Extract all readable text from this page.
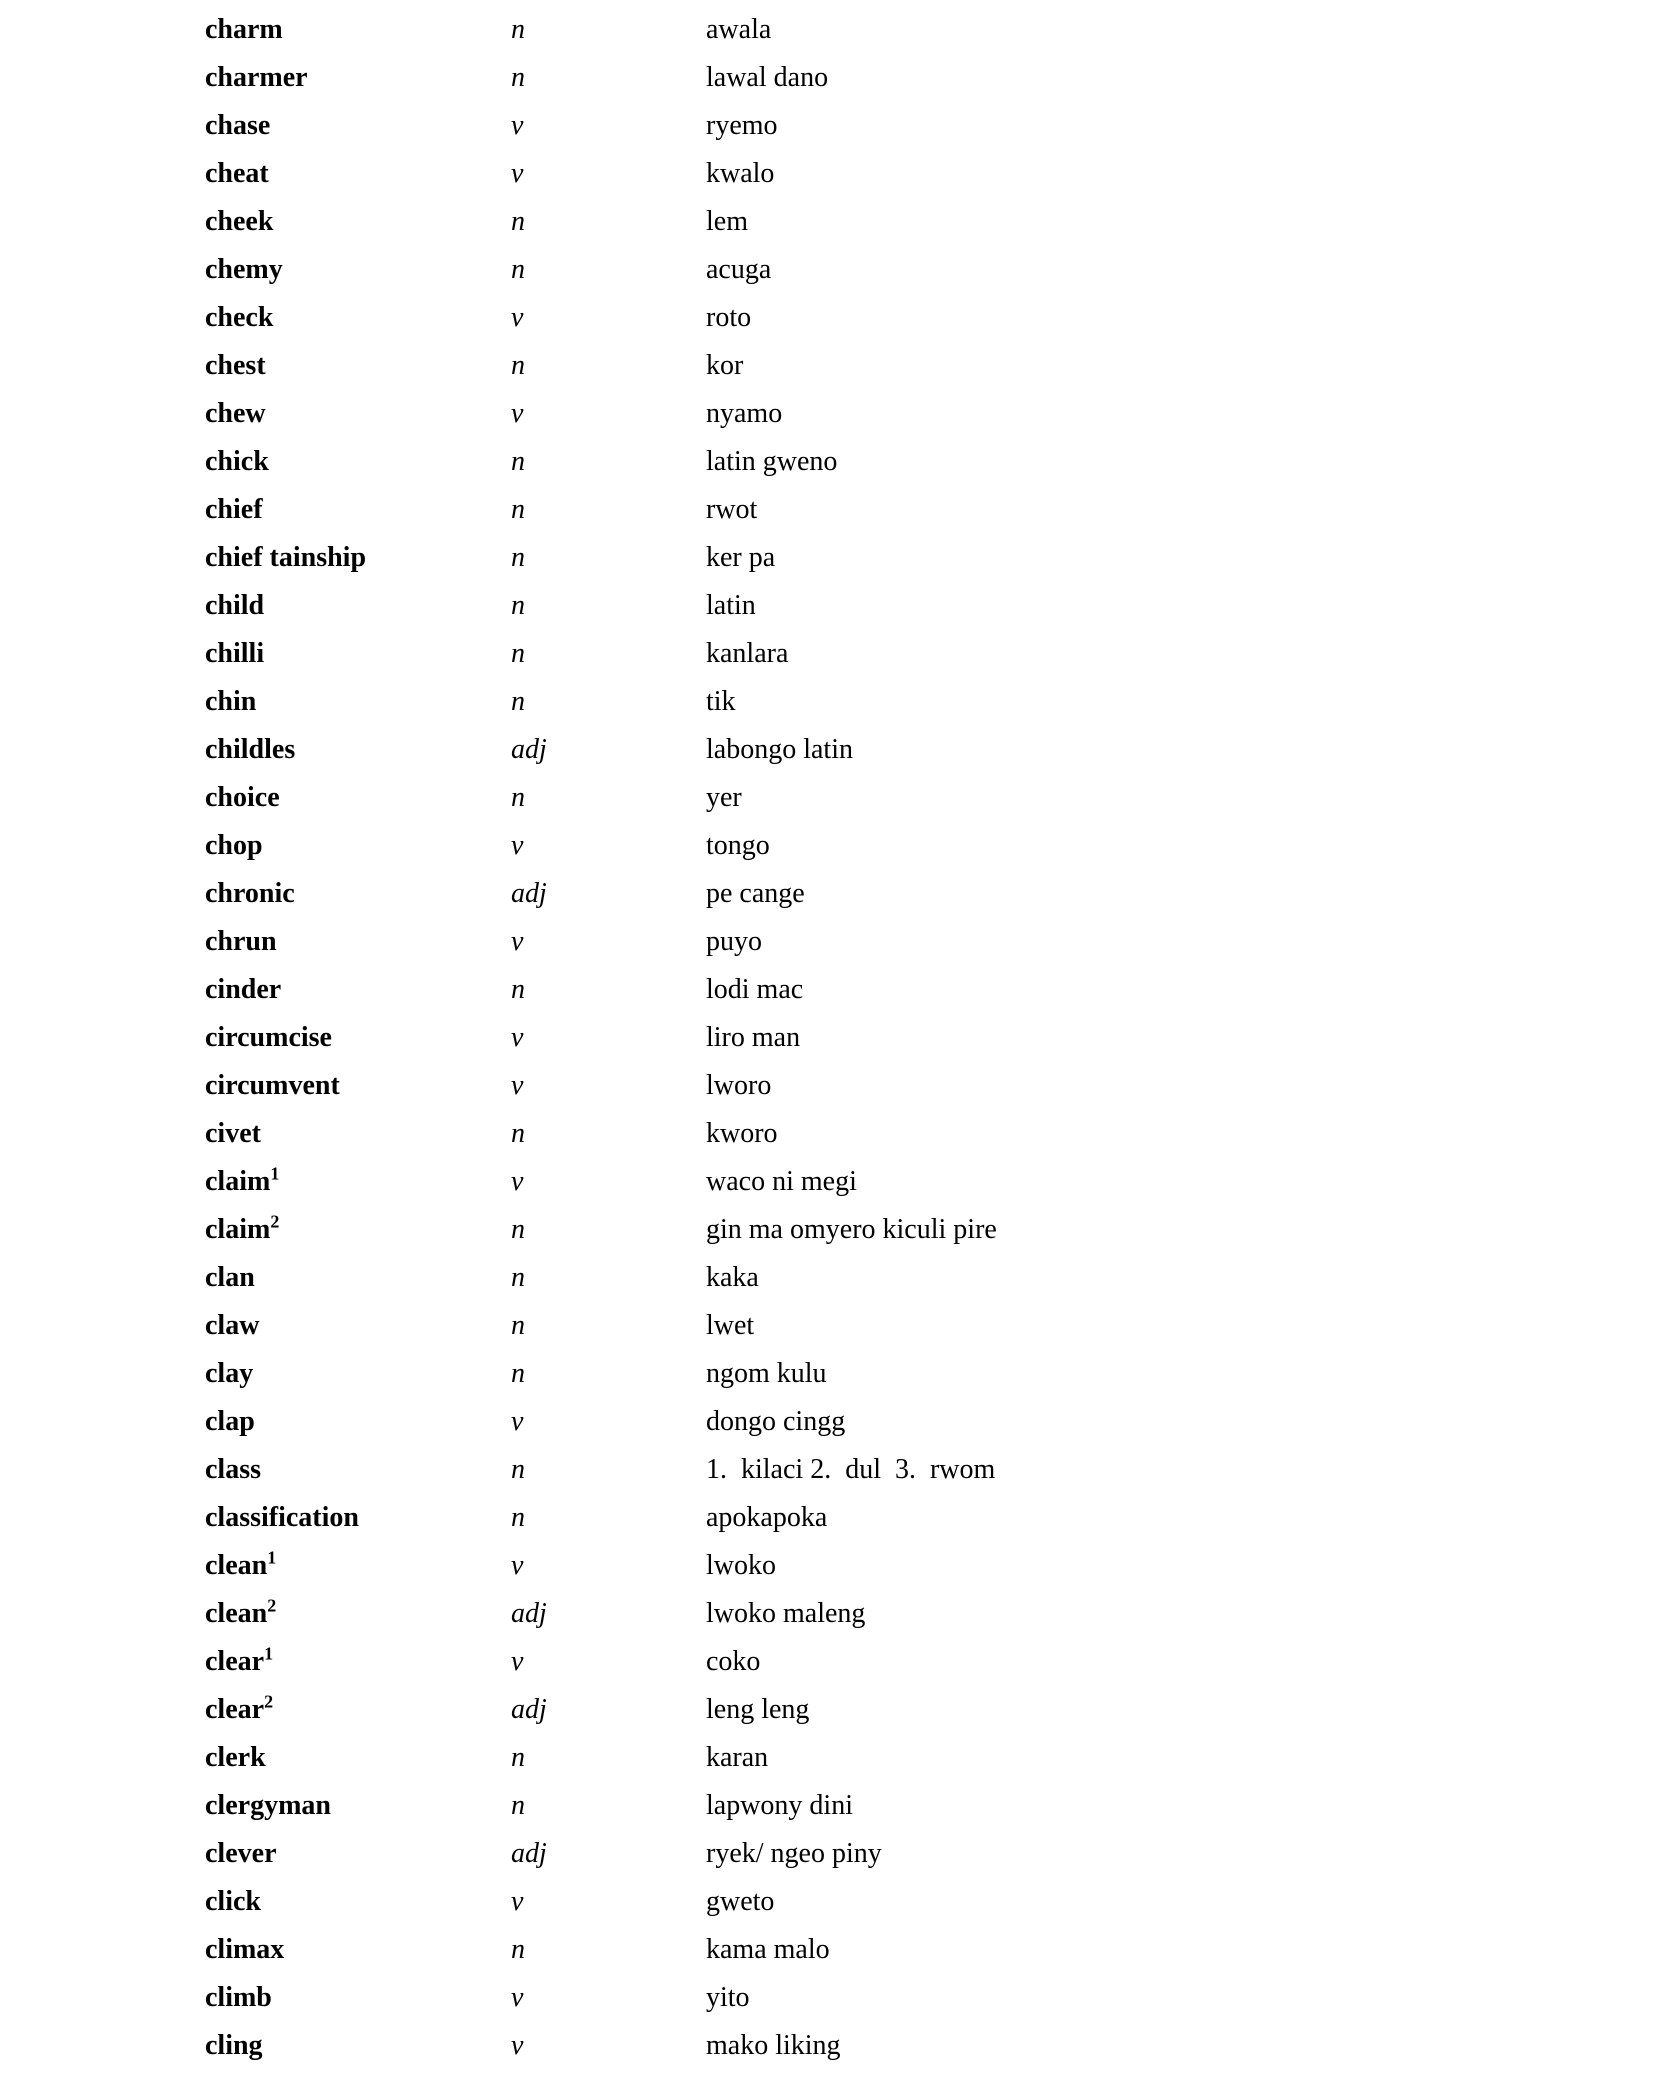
charm	n	awala
charmer	n	lawal dano
chase	v	ryemo
cheat	v	kwalo
cheek	n	lem
chemy	n	acuga
check	v	roto
chest	n	kor
chew	v	nyamo
chick	n	latin gweno
chief	n	rwot
chief tainship	n	ker pa
child	n	latin
chilli	n	kanlara
chin	n	tik
childles	adj	labongo latin
choice	n	yer
chop	v	tongo
chronic	adj	pe cange
chrun	v	puyo
cinder	n	lodi mac
circumcise	v	liro man
circumvent	v	lworo
civet	n	kworo
claim$^1$	v	waco ni megi
claim$^2$	n	gin ma omyero kiculi pire
clan	n	kaka
claw	n	lwet
clay	n	ngom kulu
clap	v	dongo cingg
class	n	1.  kilaci 2.  dul  3.  rwom
classification	n	apokapoka
clean$^1$	v	lwoko
clean$^2$	adj	lwoko maleng
clear$^1$	v	coko
clear$^2$	adj	leng leng
clerk	n	karan
clergyman	n	lapwony dini
clever	adj	ryek/ ngeo piny
click	v	gweto
climax	n	kama malo
climb	v	yito
cling	v	mako liking
